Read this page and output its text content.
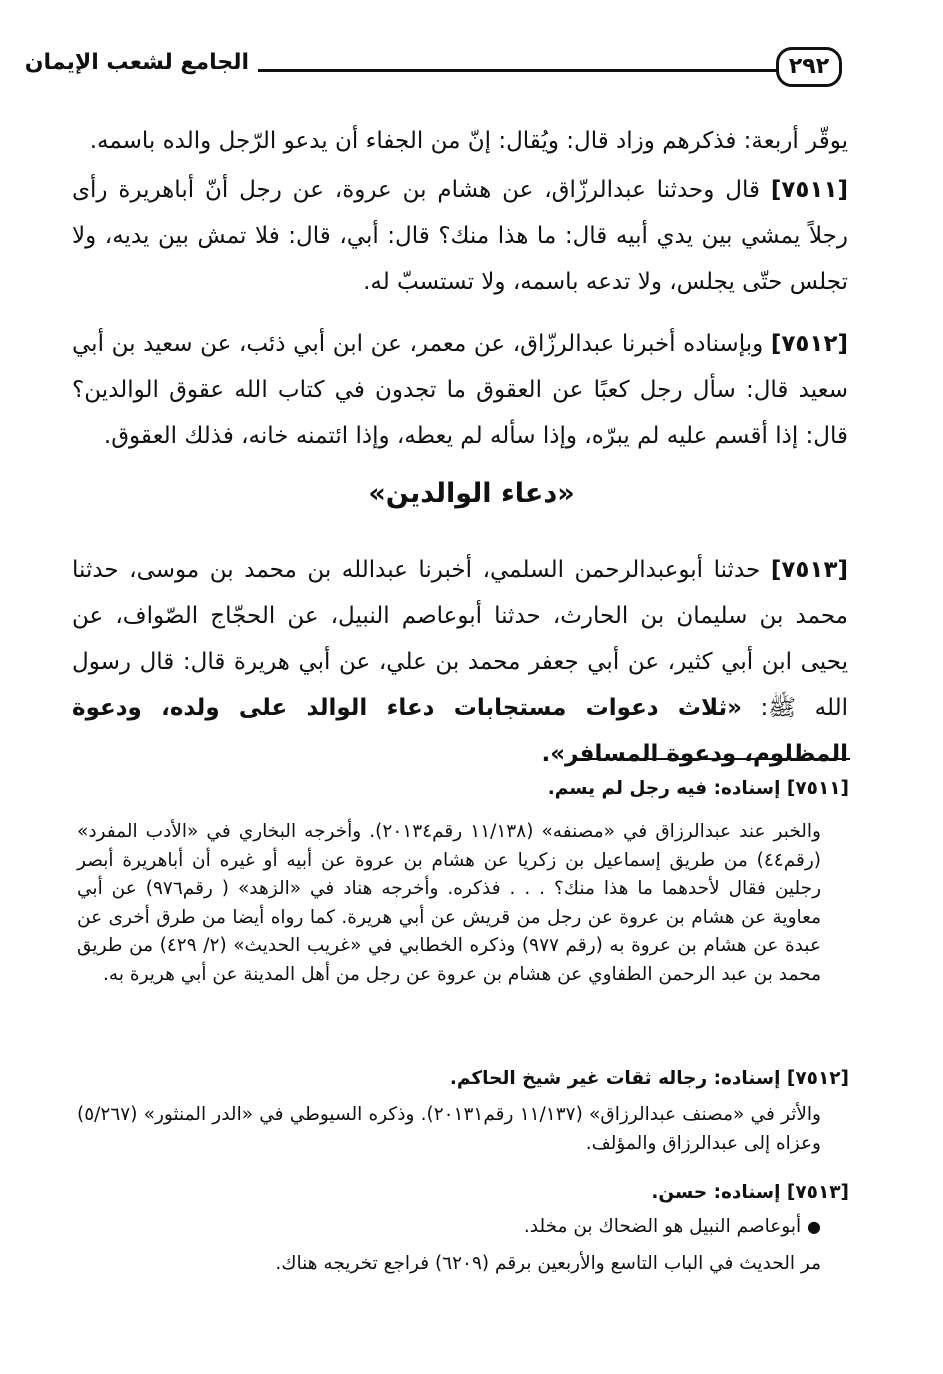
الجامع لشعب الإيمان	٢٩٢
يوقّر أربعة: فذكرهم وزاد قال: ويُقال: إنّ من الجفاء أن يدعو الرّجل والده باسمه.
[٧٥١١] قال وحدثنا عبدالرزّاق، عن هشام بن عروة، عن رجل أنّ أباهريرة رأى رجلاً يمشي بين يدي أبيه قال: ما هذا منك؟ قال: أبي، قال: فلا تمش بين يديه، ولا تجلس حتّى يجلس، ولا تدعه باسمه، ولا تستسبّ له.
[٧٥١٢] وبإسناده أخبرنا عبدالرزّاق، عن معمر، عن ابن أبي ذئب، عن سعيد بن أبي سعيد قال: سأل رجل كعبًا عن العقوق ما تجدون في كتاب الله عقوق الوالدين؟ قال: إذا أقسم عليه لم يبرّه، وإذا سأله لم يعطه، وإذا ائتمنه خانه، فذلك العقوق.
«دعاء الوالدين»
[٧٥١٣] حدثنا أبوعبدالرحمن السلمي، أخبرنا عبدالله بن محمد بن موسى، حدثنا محمد بن سليمان بن الحارث، حدثنا أبوعاصم النبيل، عن الحجّاج الصّواف، عن يحيى ابن أبي كثير، عن أبي جعفر محمد بن علي، عن أبي هريرة قال: قال رسول الله ﷺ: «ثلاث دعوات مستجابات دعاء الوالد على ولده، ودعوة المظلوم، ودعوة المسافر».
[٧٥١١] إسناده: فيه رجل لم يسم.
والخبر عند عبدالرزاق في «مصنفه» (١١/١٣٨ رقم٢٠١٣٤). وأخرجه البخاري في «الأدب المفرد» (رقم٤٤) من طريق إسماعيل بن زكريا عن هشام بن عروة عن أبيه أو غيره أن أباهريرة أبصر رجلين فقال لأحدهما ما هذا منك؟ . . . فذكره. وأخرجه هناد في «الزهد» ( رقم٩٧٦) عن أبي معاوية عن هشام بن عروة عن رجل من قريش عن أبي هريرة. كما رواه أيضا من طرق أخرى عن عبدة عن هشام بن عروة به (رقم ٩٧٧) وذكره الخطابي في «غريب الحديث» (٢/ ٤٢٩) من طريق محمد بن عبد الرحمن الطفاوي عن هشام بن عروة عن رجل من أهل المدينة عن أبي هريرة به.
[٧٥١٢] إسناده: رجاله ثقات غير شيخ الحاكم.
والأثر في «مصنف عبدالرزاق» (١١/١٣٧ رقم٢٠١٣١). وذكره السيوطي في «الدر المنثور» (٥/٢٦٧) وعزاه إلى عبدالرزاق والمؤلف.
[٧٥١٣] إسناده: حسن.
● أبوعاصم النبيل هو الضحاك بن مخلد.
مر الحديث في الباب التاسع والأربعين برقم (٦٢٠٩) فراجع تخريجه هناك.
